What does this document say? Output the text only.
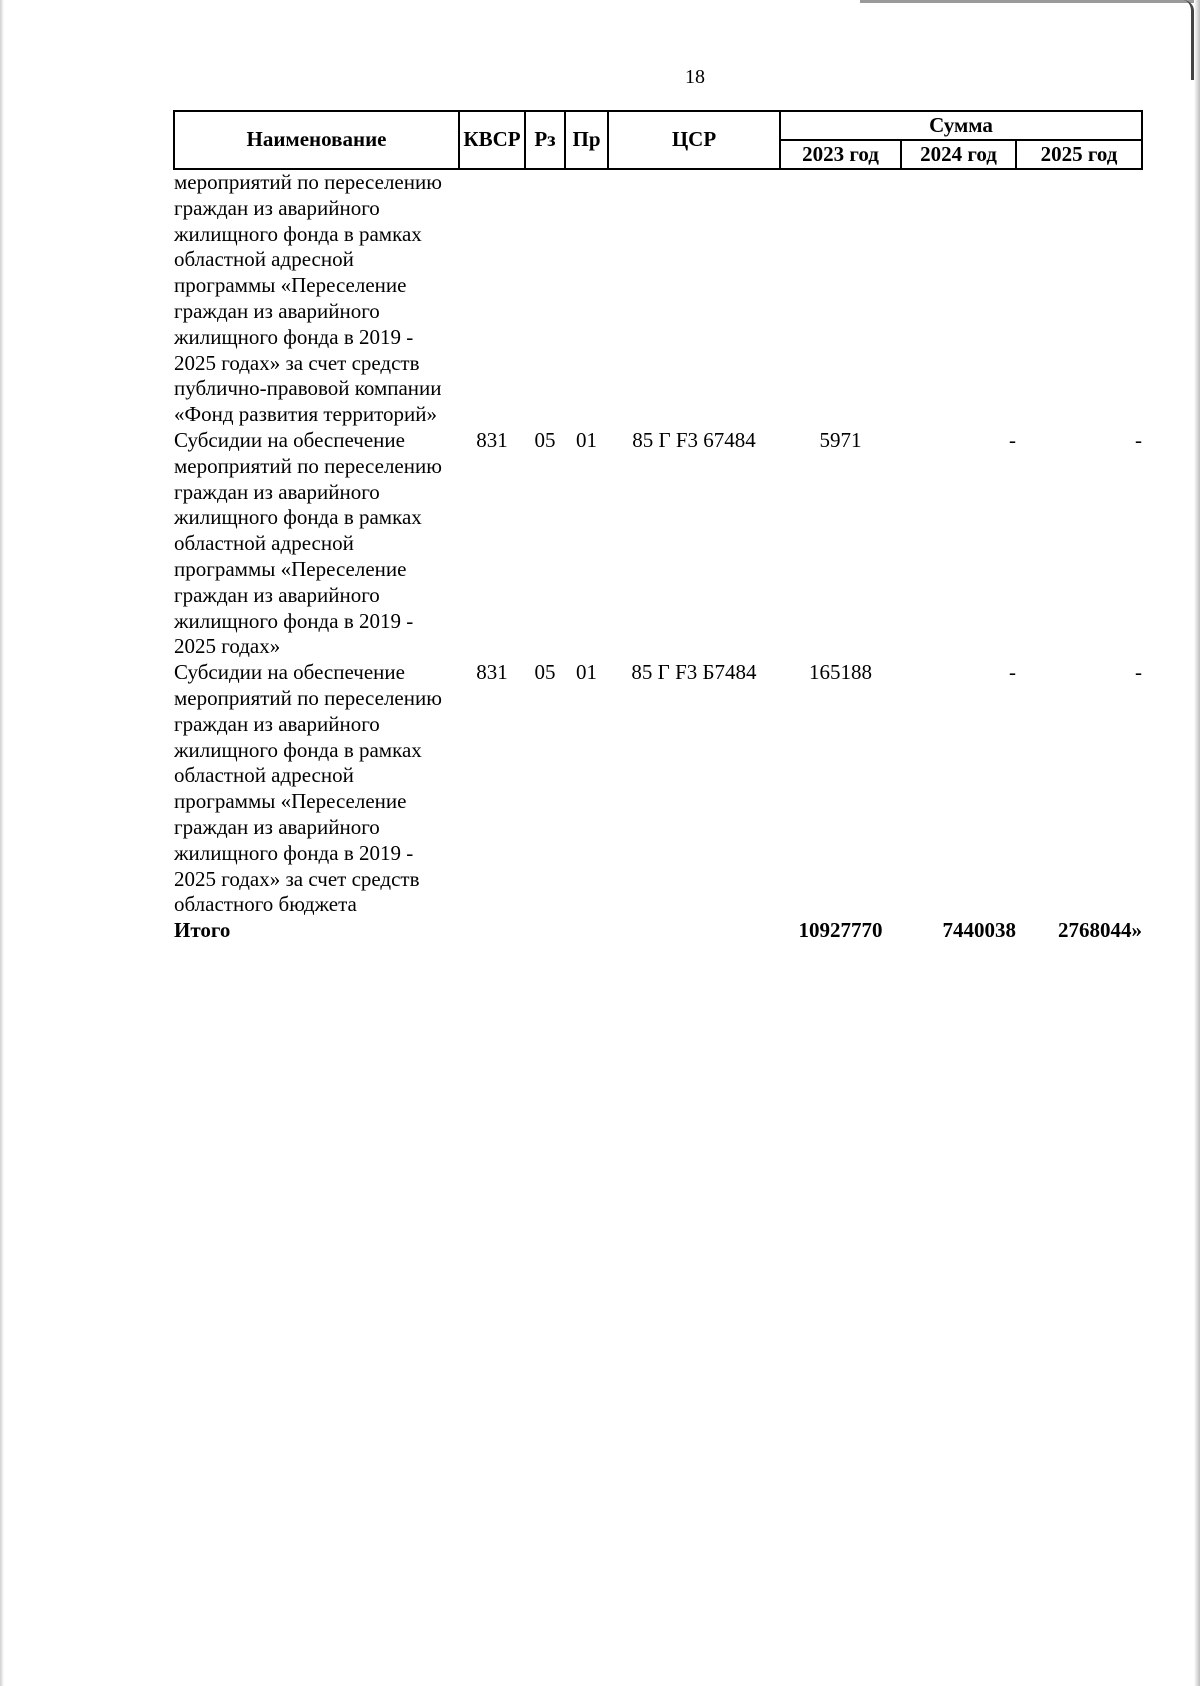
18
Наименование	КВСР	Рз	Пр	ЦСР	Сумма		
					2023 год	2024 год	2025 год
мероприятий по переселению граждан из аварийного жилищного фонда в рамках областной адресной программы «Переселение граждан из аварийного жилищного фонда в 2019 - 2025 годах» за счет средств публично-правовой компании «Фонд развития территорий»							
Субсидии на обеспечение мероприятий по переселению граждан из аварийного жилищного фонда в рамках областной адресной программы «Переселение граждан из аварийного жилищного фонда в 2019 - 2025 годах»	831	05	01	85 Г F3 67484	5971	-	-
Субсидии на обеспечение мероприятий по переселению граждан из аварийного жилищного фонда в рамках областной адресной программы «Переселение граждан из аварийного жилищного фонда в 2019 - 2025 годах» за счет средств областного бюджета	831	05	01	85 Г F3 Б7484	165188	-	-
Итого					10927770	7440038	2768044»
